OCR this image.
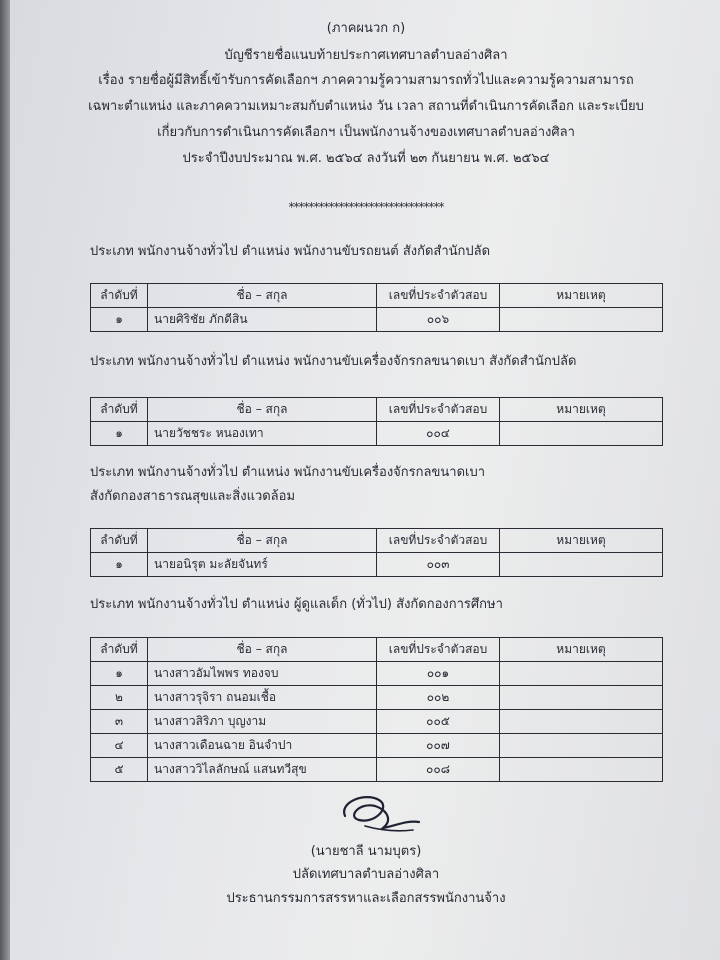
(ภาคผนวก ก)
บัญชีรายชื่อแนบท้ายประกาศเทศบาลตำบลอ่างศิลา
เรื่อง รายชื่อผู้มีสิทธิ์เข้ารับการคัดเลือกฯ ภาคความรู้ความสามารถทั่วไปและความรู้ความสามารถ
เฉพาะตำแหน่ง และภาคความเหมาะสมกับตำแหน่ง วัน เวลา สถานที่ดำเนินการคัดเลือก และระเบียบ
เกี่ยวกับการดำเนินการคัดเลือกฯ เป็นพนักงานจ้างของเทศบาลตำบลอ่างศิลา
ประจำปีงบประมาณ พ.ศ. ๒๕๖๔ ลงวันที่ ๒๓ กันยายน พ.ศ. ๒๕๖๔
*******************************
ประเภท พนักงานจ้างทั่วไป ตำแหน่ง พนักงานขับรถยนต์ สังกัดสำนักปลัด
ลำดับที่	ชื่อ – สกุล	เลขที่ประจำตัวสอบ	หมายเหตุ
๑	นายศิริชัย ภักดีสิน	๐๐๖	
ประเภท พนักงานจ้างทั่วไป ตำแหน่ง พนักงานขับเครื่องจักรกลขนาดเบา สังกัดสำนักปลัด
ลำดับที่	ชื่อ – สกุล	เลขที่ประจำตัวสอบ	หมายเหตุ
๑	นายวัชชระ หนองเทา	๐๐๔	
ประเภท พนักงานจ้างทั่วไป ตำแหน่ง พนักงานขับเครื่องจักรกลขนาดเบา
สังกัดกองสาธารณสุขและสิ่งแวดล้อม
ลำดับที่	ชื่อ – สกุล	เลขที่ประจำตัวสอบ	หมายเหตุ
๑	นายอนิรุต มะลัยจันทร์	๐๐๓	
ประเภท พนักงานจ้างทั่วไป ตำแหน่ง ผู้ดูแลเด็ก (ทั่วไป) สังกัดกองการศึกษา
ลำดับที่	ชื่อ – สกุล	เลขที่ประจำตัวสอบ	หมายเหตุ
๑	นางสาวอัมไพพร ทองจบ	๐๐๑	
๒	นางสาวรุจิรา ถนอมเชื้อ	๐๐๒	
๓	นางสาวสิริภา บุญงาม	๐๐๕	
๔	นางสาวเดือนฉาย อินจำปา	๐๐๗	
๕	นางสาววิไลลักษณ์ แสนทวีสุข	๐๐๘	
(นายชาลี นามบุตร)
ปลัดเทศบาลตำบลอ่างศิลา
ประธานกรรมการสรรหาและเลือกสรรพนักงานจ้าง
